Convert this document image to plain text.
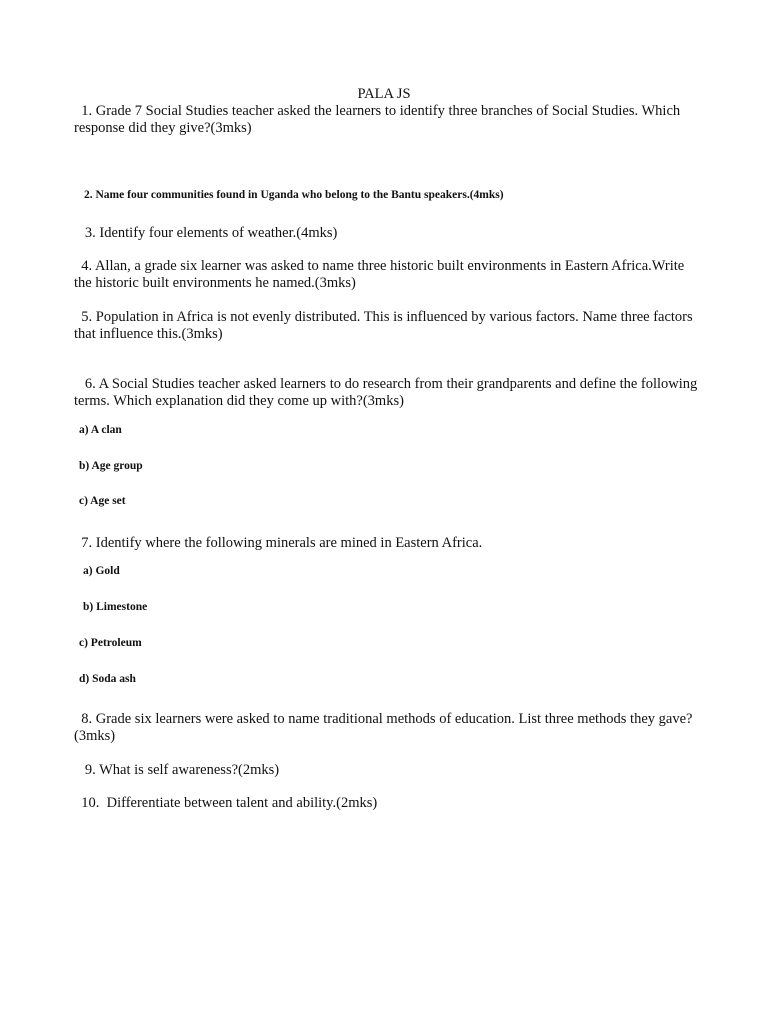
PALA JS
1. Grade 7 Social Studies teacher asked the learners to identify three branches of Social Studies. Which response did they give?(3mks)
2. Name four communities found in Uganda who belong to the Bantu speakers.(4mks)
3. Identify four elements of weather.(4mks)
4. Allan, a grade six learner was asked to name three historic built environments in Eastern Africa.Write the historic built environments he named.(3mks)
5. Population in Africa is not evenly distributed. This is influenced by various factors. Name three factors that influence this.(3mks)
6. A Social Studies teacher asked learners to do research from their grandparents and define the following terms. Which explanation did they come up with?(3mks)
a) A clan
b) Age group
c) Age set
7. Identify where the following minerals are mined in Eastern Africa.
a) Gold
b) Limestone
c) Petroleum
d) Soda ash
8. Grade six learners were asked to name traditional methods of education. List three methods they gave?(3mks)
9. What is self awareness?(2mks)
10.  Differentiate between talent and ability.(2mks)
